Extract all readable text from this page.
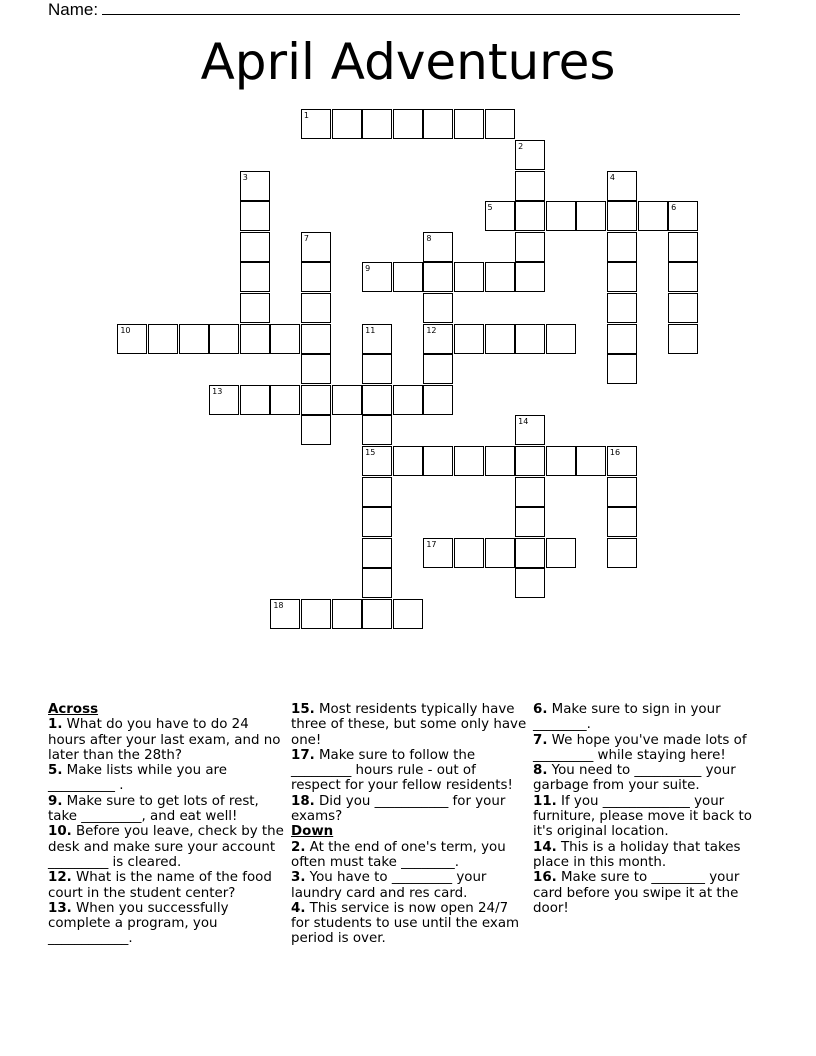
Name:
April Adventures
1
5	6
9
10	12
13
15	16
17
18
2
3	4
7	8
11
14
Across
1. What do you have to do 24 hours after your last exam, and no later than the 28th?
5. Make lists while you are __________ .
9. Make sure to get lots of rest, take _________, and eat well!
10. Before you leave, check by the desk and make sure your account _________ is cleared.
12. What is the name of the food court in the student center?
13. When you successfully complete a program, you ____________.
15. Most residents typically have three of these, but some only have one!
17. Make sure to follow the _________ hours rule - out of respect for your fellow residents!
18. Did you ___________ for your exams?
Down
2. At the end of one's term, you often must take ________.
3. You have to _________ your laundry card and res card.
4. This service is now open 24/7 for students to use until the exam period is over.
6. Make sure to sign in your ________.
7. We hope you've made lots of _________ while staying here!
8. You need to __________ your garbage from your suite.
11. If you _____________ your furniture, please move it back to it's original location.
14. This is a holiday that takes place in this month.
16. Make sure to ________ your card before you swipe it at the door!
